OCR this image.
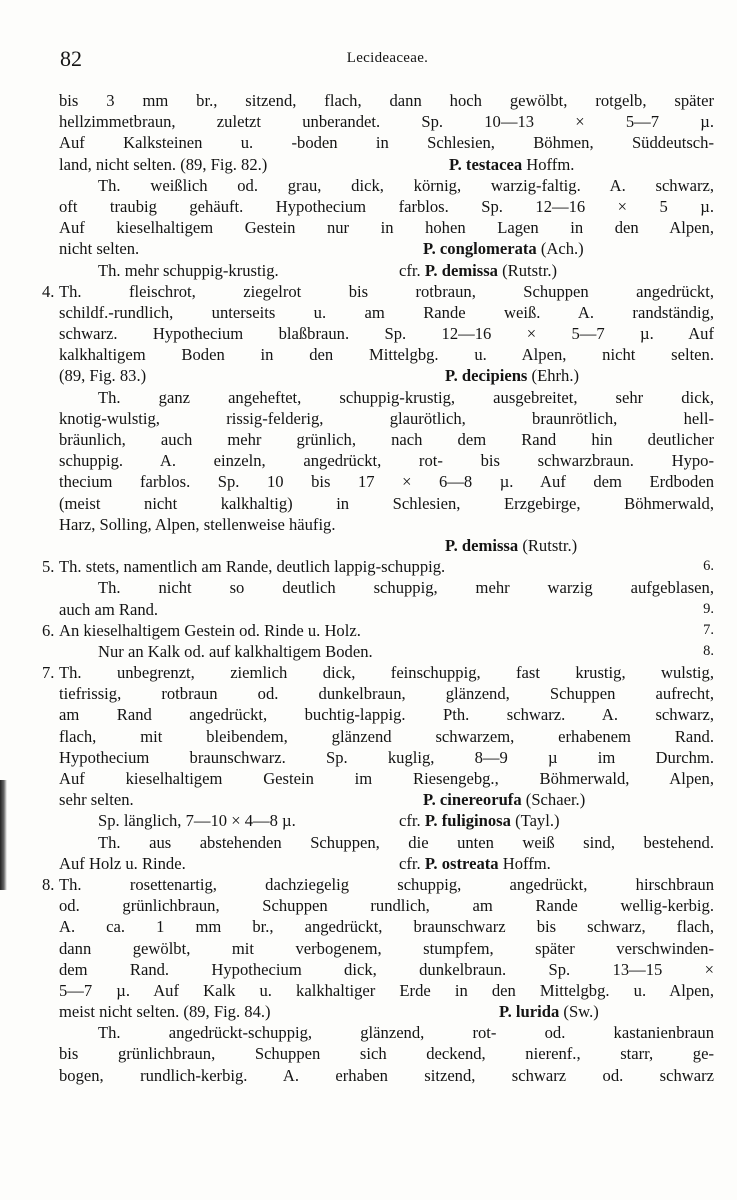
82	Lecideaceae.
bis 3 mm br., sitzend, flach, dann hoch gewölbt, rotgelb, später
hellzimmetbraun, zuletzt unberandet. Sp. 10—13 × 5—7 µ.
Auf Kalksteinen u. -boden in Schlesien, Böhmen, Süddeutsch-
land, nicht selten. (89, Fig. 82.)	P. testacea Hoffm.
Th. weißlich od. grau, dick, körnig, warzig-faltig. A. schwarz,
oft traubig gehäuft. Hypothecium farblos. Sp. 12—16 × 5 µ.
Auf kieselhaltigem Gestein nur in hohen Lagen in den Alpen,
nicht selten.	P. conglomerata (Ach.)
Th. mehr schuppig-krustig.	cfr. P. demissa (Rutstr.)
4. Th. fleischrot, ziegelrot bis rotbraun, Schuppen angedrückt,
schildf.-rundlich, unterseits u. am Rande weiß. A. randständig,
schwarz. Hypothecium blaßbraun. Sp. 12—16 × 5—7 µ. Auf
kalkhaltigem Boden in den Mittelgbg. u. Alpen, nicht selten.
(89, Fig. 83.)	P. decipiens (Ehrh.)
Th. ganz angeheftet, schuppig-krustig, ausgebreitet, sehr dick,
knotig-wulstig, rissig-felderig, glaurötlich, braunrötlich, hell-
bräunlich, auch mehr grünlich, nach dem Rand hin deutlicher
schuppig. A. einzeln, angedrückt, rot- bis schwarzbraun. Hypo-
thecium farblos. Sp. 10 bis 17 × 6—8 µ. Auf dem Erdboden
(meist nicht kalkhaltig) in Schlesien, Erzgebirge, Böhmerwald,
Harz, Solling, Alpen, stellenweise häufig.
P. demissa (Rutstr.)
5. Th. stets, namentlich am Rande, deutlich lappig-schuppig.	6.
Th. nicht so deutlich schuppig, mehr warzig aufgeblasen,
auch am Rand.	9.
6. An kieselhaltigem Gestein od. Rinde u. Holz.	7.
Nur an Kalk od. auf kalkhaltigem Boden.	8.
7. Th. unbegrenzt, ziemlich dick, feinschuppig, fast krustig, wulstig,
tiefrissig, rotbraun od. dunkelbraun, glänzend, Schuppen aufrecht,
am Rand angedrückt, buchtig-lappig. Pth. schwarz. A. schwarz,
flach, mit bleibendem, glänzend schwarzem, erhabenem Rand.
Hypothecium braunschwarz. Sp. kuglig, 8—9 µ im Durchm.
Auf kieselhaltigem Gestein im Riesengebg., Böhmerwald, Alpen,
sehr selten.	P. cinereorufa (Schaer.)
Sp. länglich, 7—10 × 4—8 µ.	cfr. P. fuliginosa (Tayl.)
Th. aus abstehenden Schuppen, die unten weiß sind, bestehend.
Auf Holz u. Rinde.	cfr. P. ostreata Hoffm.
8. Th. rosettenartig, dachziegelig schuppig, angedrückt, hirschbraun
od. grünlichbraun, Schuppen rundlich, am Rande wellig-kerbig.
A. ca. 1 mm br., angedrückt, braunschwarz bis schwarz, flach,
dann gewölbt, mit verbogenem, stumpfem, später verschwinden-
dem Rand. Hypothecium dick, dunkelbraun. Sp. 13—15 ×
5—7 µ. Auf Kalk u. kalkhaltiger Erde in den Mittelgbg. u. Alpen,
meist nicht selten. (89, Fig. 84.)	P. lurida (Sw.)
Th. angedrückt-schuppig, glänzend, rot- od. kastanienbraun
bis grünlichbraun, Schuppen sich deckend, nierenf., starr, ge-
bogen, rundlich-kerbig. A. erhaben sitzend, schwarz od. schwarz
